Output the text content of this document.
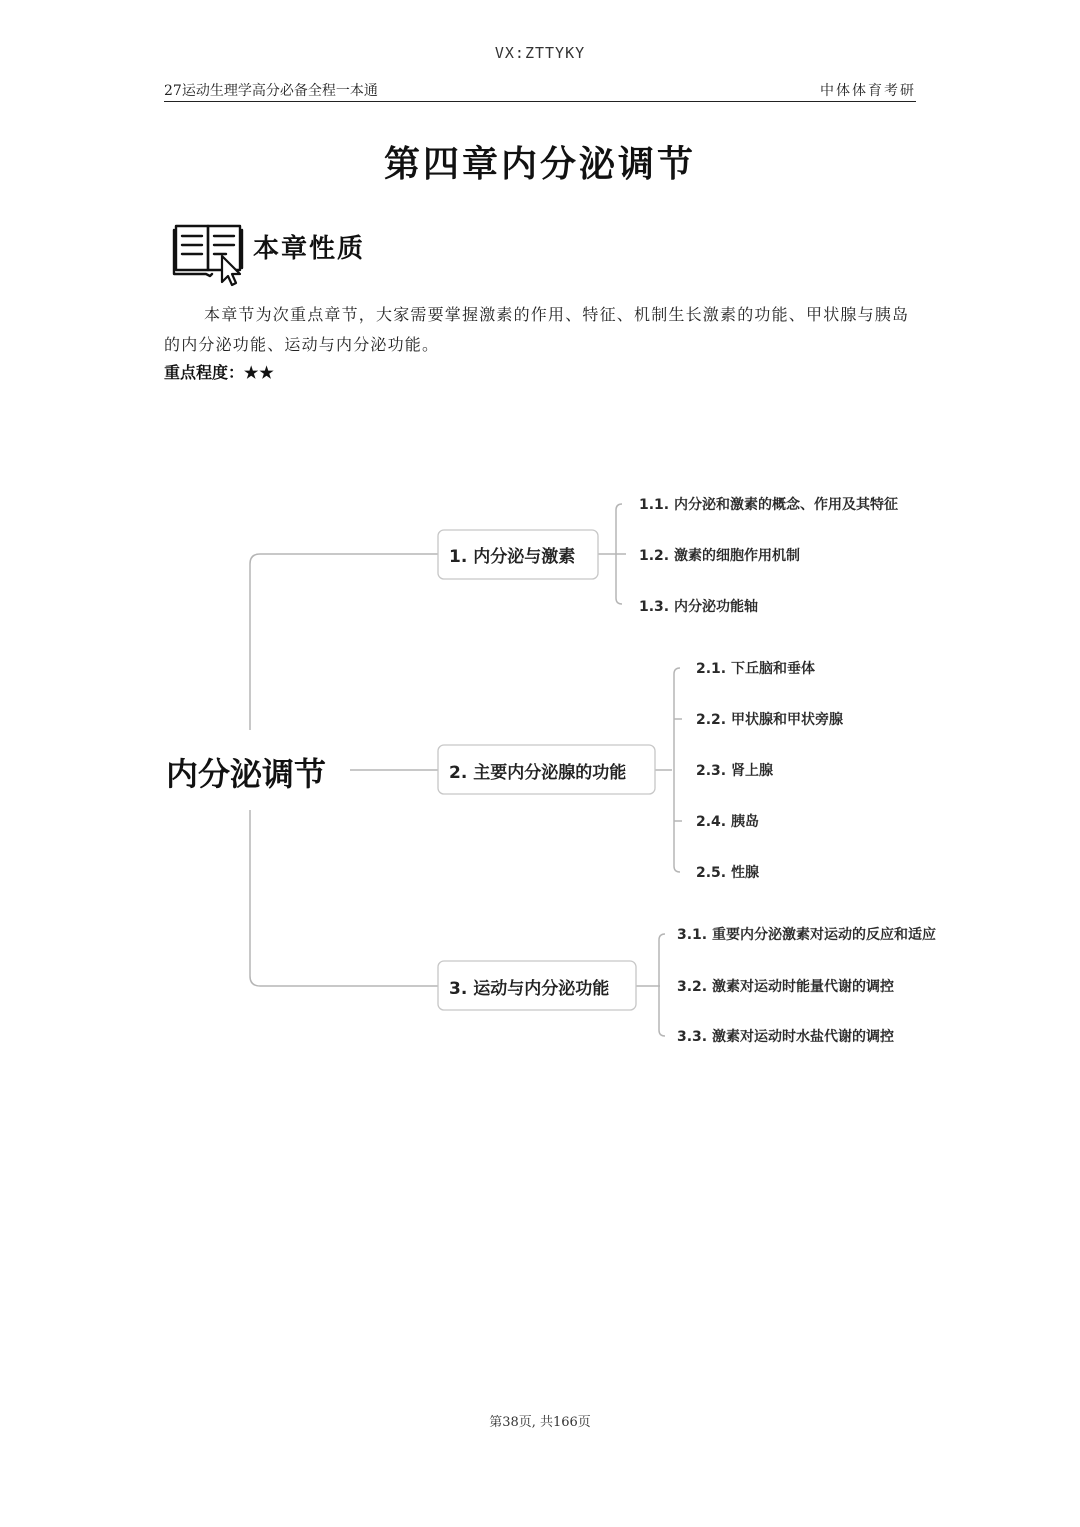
VX:ZTTYKY
27运动生理学高分必备全程一本通	中体体育考研
第四章内分泌调节
本章性质
本章节为次重点章节，大家需要掌握激素的作用、特征、机制生长激素的功能、甲状腺与胰岛的内分泌功能、运动与内分泌功能。
重点程度：★★
内分泌调节
1. 内分泌与激素
2. 主要内分泌腺的功能
3. 运动与内分泌功能
1.1. 内分泌和激素的概念、作用及其特征
1.2. 激素的细胞作用机制
1.3. 内分泌功能轴
2.1. 下丘脑和垂体
2.2. 甲状腺和甲状旁腺
2.3. 肾上腺
2.4. 胰岛
2.5. 性腺
3.1. 重要内分泌激素对运动的反应和适应
3.2. 激素对运动时能量代谢的调控
3.3. 激素对运动时水盐代谢的调控
第38页, 共166页
